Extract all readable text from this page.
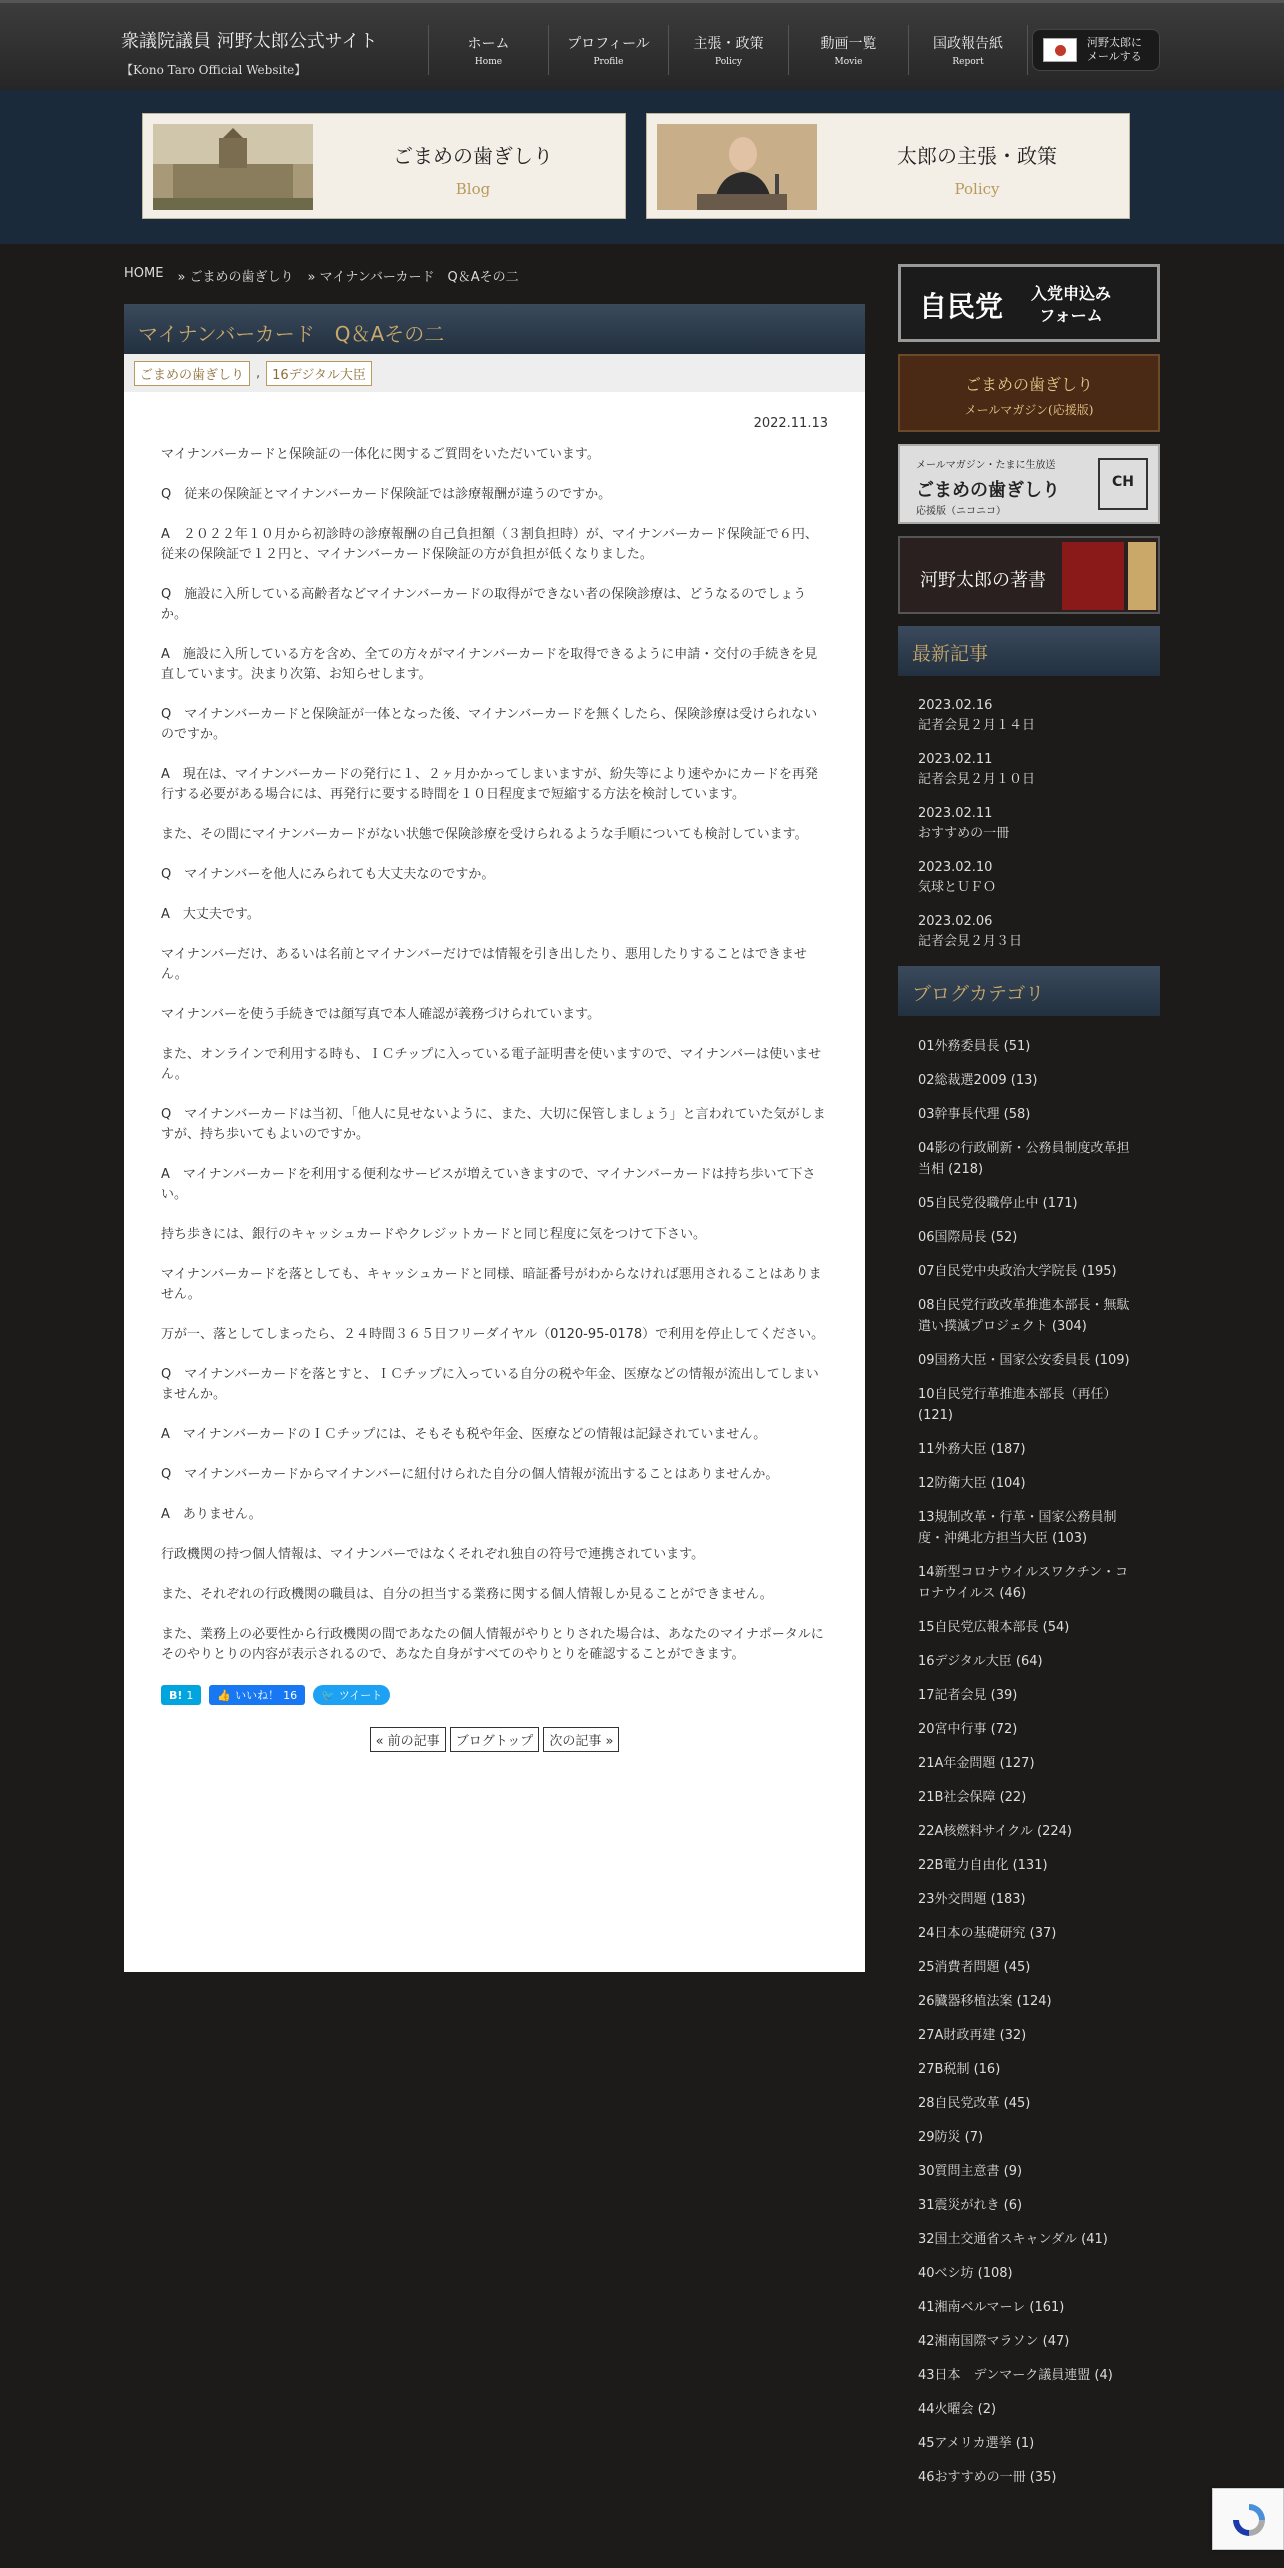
衆議院議員 河野太郎公式サイト
【Kono Taro Official Website】
ホーム
Home
プロフィール
Profile
主張・政策
Policy
動画一覧
Movie
国政報告紙
Report
河野太郎に
メールする
ごまめの歯ぎしり
Blog
太郎の主張・政策
Policy
HOME » ごまめの歯ぎしり » マイナンバーカード　Q＆Aその二
マイナンバーカード　Q＆Aその二
ごまめの歯ぎしり , 16デジタル大臣
2022.11.13

マイナンバーカードと保険証の一体化に関するご質問をいただいています。

Q　従来の保険証とマイナンバーカード保険証では診療報酬が違うのですか。

A　２０２２年１０月から初診時の診療報酬の自己負担額（３割負担時）が、マイナンバーカード保険証で６円、従来の保険証で１２円と、マイナンバーカード保険証の方が負担が低くなりました。

Q　施設に入所している高齢者などマイナンバーカードの取得ができない者の保険診療は、どうなるのでしょうか。

A　施設に入所している方を含め、全ての方々がマイナンバーカードを取得できるように申請・交付の手続きを見直しています。決まり次第、お知らせします。

Q　マイナンバーカードと保険証が一体となった後、マイナンバーカードを無くしたら、保険診療は受けられないのですか。

A　現在は、マイナンバーカードの発行に１、２ヶ月かかってしまいますが、紛失等により速やかにカードを再発行する必要がある場合には、再発行に要する時間を１０日程度まで短縮する方法を検討しています。

また、その間にマイナンバーカードがない状態で保険診療を受けられるような手順についても検討しています。

Q　マイナンバーを他人にみられても大丈夫なのですか。

A　大丈夫です。

マイナンバーだけ、あるいは名前とマイナンバーだけでは情報を引き出したり、悪用したりすることはできません。

マイナンバーを使う手続きでは顔写真で本人確認が義務づけられています。

また、オンラインで利用する時も、ＩＣチップに入っている電子証明書を使いますので、マイナンバーは使いません。

Q　マイナンバーカードは当初、「他人に見せないように、また、大切に保管しましょう」と言われていた気がしますが、持ち歩いてもよいのですか。

A　マイナンバーカードを利用する便利なサービスが増えていきますので、マイナンバーカードは持ち歩いて下さい。

持ち歩きには、銀行のキャッシュカードやクレジットカードと同じ程度に気をつけて下さい。

マイナンバーカードを落としても、キャッシュカードと同様、暗証番号がわからなければ悪用されることはありません。

万が一、落としてしまったら、２４時間３６５日フリーダイヤル（0120-95-0178）で利用を停止してください。

Q　マイナンバーカードを落とすと、ＩＣチップに入っている自分の税や年金、医療などの情報が流出してしまいませんか。

A　マイナンバーカードのＩＣチップには、そもそも税や年金、医療などの情報は記録されていません。

Q　マイナンバーカードからマイナンバーに紐付けられた自分の個人情報が流出することはありませんか。

A　ありません。

行政機関の持つ個人情報は、マイナンバーではなくそれぞれ独自の符号で連携されています。

また、それぞれの行政機関の職員は、自分の担当する業務に関する個人情報しか見ることができません。

また、業務上の必要性から行政機関の間であなたの個人情報がやりとりされた場合は、あなたのマイナポータルにそのやりとりの内容が表示されるので、あなた自身がすべてのやりとりを確認することができます。

B! 1 👍 いいね！ 16 🐦 ツイート
« 前の記事	ブログトップ	次の記事 »
自民党 入党申込み
フォーム
ごまめの歯ぎしり
メールマガジン(応援版)
メールマガジン・たまに生放送
ごまめの歯ぎしり
応援版（ニコニコ）
CH
河野太郎の著書
最新記事
2023.02.16
記者会見２月１４日
2023.02.11
記者会見２月１０日
2023.02.11
おすすめの一冊
2023.02.10
気球とＵＦＯ
2023.02.06
記者会見２月３日
ブログカテゴリ
01外務委員長 (51)
02総裁選2009 (13)
03幹事長代理 (58)
04影の行政刷新・公務員制度改革担当相 (218)
05自民党役職停止中 (171)
06国際局長 (52)
07自民党中央政治大学院長 (195)
08自民党行政改革推進本部長・無駄遣い撲滅プロジェクト (304)
09国務大臣・国家公安委員長 (109)
10自民党行革推進本部長（再任） (121)
11外務大臣 (187)
12防衛大臣 (104)
13規制改革・行革・国家公務員制度・沖縄北方担当大臣 (103)
14新型コロナウイルスワクチン・コロナウイルス (46)
15自民党広報本部長 (54)
16デジタル大臣 (64)
17記者会見 (39)
20宮中行事 (72)
21A年金問題 (127)
21B社会保障 (22)
22A核燃料サイクル (224)
22B電力自由化 (131)
23外交問題 (183)
24日本の基礎研究 (37)
25消費者問題 (45)
26臓器移植法案 (124)
27A財政再建 (32)
27B税制 (16)
28自民党改革 (45)
29防災 (7)
30質問主意書 (9)
31震災がれき (6)
32国土交通省スキャンダル (41)
40ベシ坊 (108)
41湘南ベルマーレ (161)
42湘南国際マラソン (47)
43日本　デンマーク議員連盟 (4)
44火曜会 (2)
45アメリカ選挙 (1)
46おすすめの一冊 (35)
